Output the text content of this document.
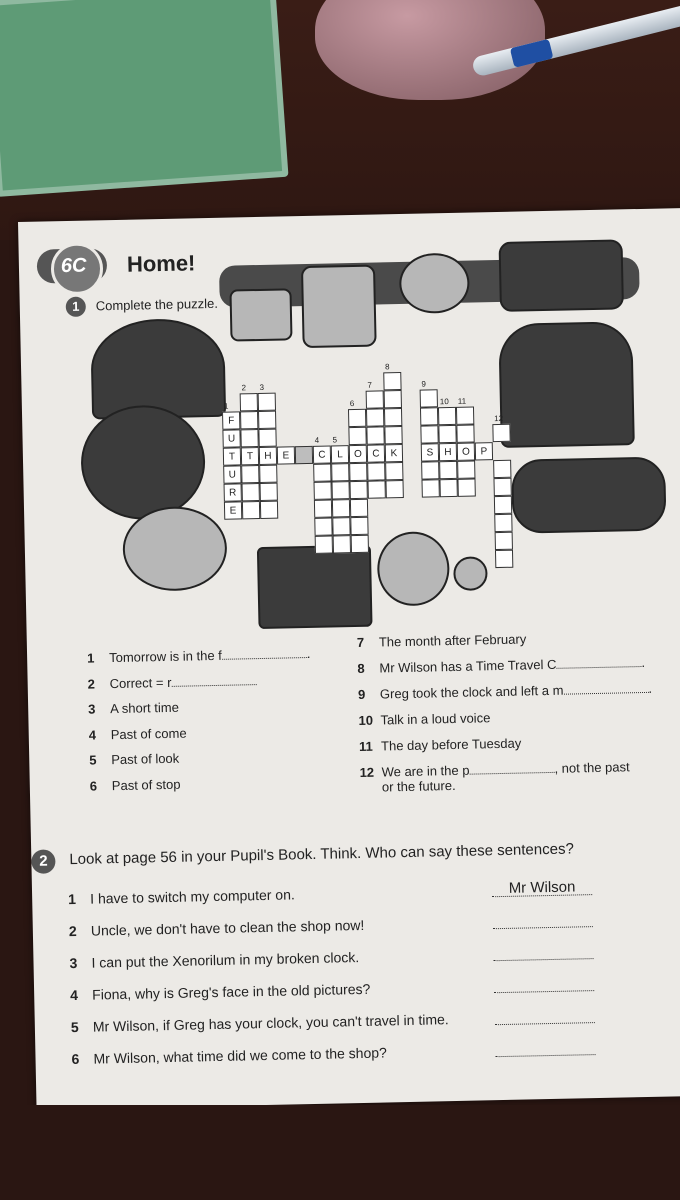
6C Home!
1	Complete the puzzle.
F
U
T
U
R
E
1
T	H	E
2 3
C	L	O	C	K
4 5
6
7
8
S	H	O	P
9
10 11
12
2	Look at page 56 in your Pupil's Book. Think. Who can say these sentences?
1 Tomorrow is in the f	.
2 Correct = r
3 A short time
4 Past of come
5 Past of look
6 Past of stop
7 The month after February
8 Mr Wilson has a Time Travel C	.
9 Greg took the clock and left a m	.
10 Talk in a loud voice
11 The day before Tuesday
12 We are in the p	, not the past
or the future.
1 I have to switch my computer on.	Mr Wilson
2 Uncle, we don't have to clean the shop now!
3 I can put the Xenorilum in my broken clock.
4 Fiona, why is Greg's face in the old pictures?
5 Mr Wilson, if Greg has your clock, you can't travel in time.
6 Mr Wilson, what time did we come to the shop?
